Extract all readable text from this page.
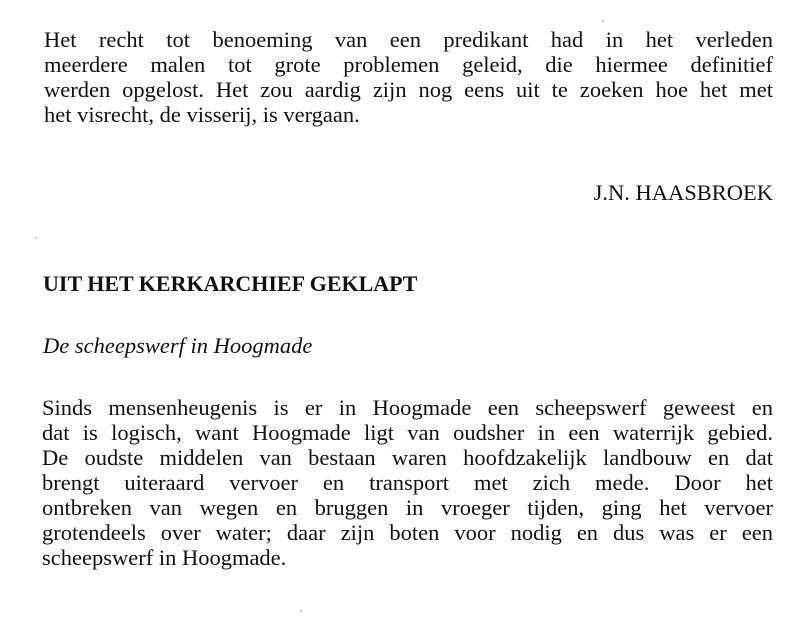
Het recht tot benoeming van een predikant had in het verleden
meerdere malen tot grote problemen geleid, die hiermee definitief
werden opgelost. Het zou aardig zijn nog eens uit te zoeken hoe het met
het visrecht, de visserij, is vergaan.

J.N. HAASBROEK

UIT HET KERKARCHIEF GEKLAPT

De scheepswerf in Hoogmade

Sinds mensenheugenis is er in Hoogmade een scheepswerf geweest en
dat is logisch, want Hoogmade ligt van oudsher in een waterrijk gebied.
De oudste middelen van bestaan waren hoofdzakelijk landbouw en dat
brengt uiteraard vervoer en transport met zich mede. Door het
ontbreken van wegen en bruggen in vroeger tijden, ging het vervoer
grotendeels over water; daar zijn boten voor nodig en dus was er een
scheepswerf in Hoogmade.
